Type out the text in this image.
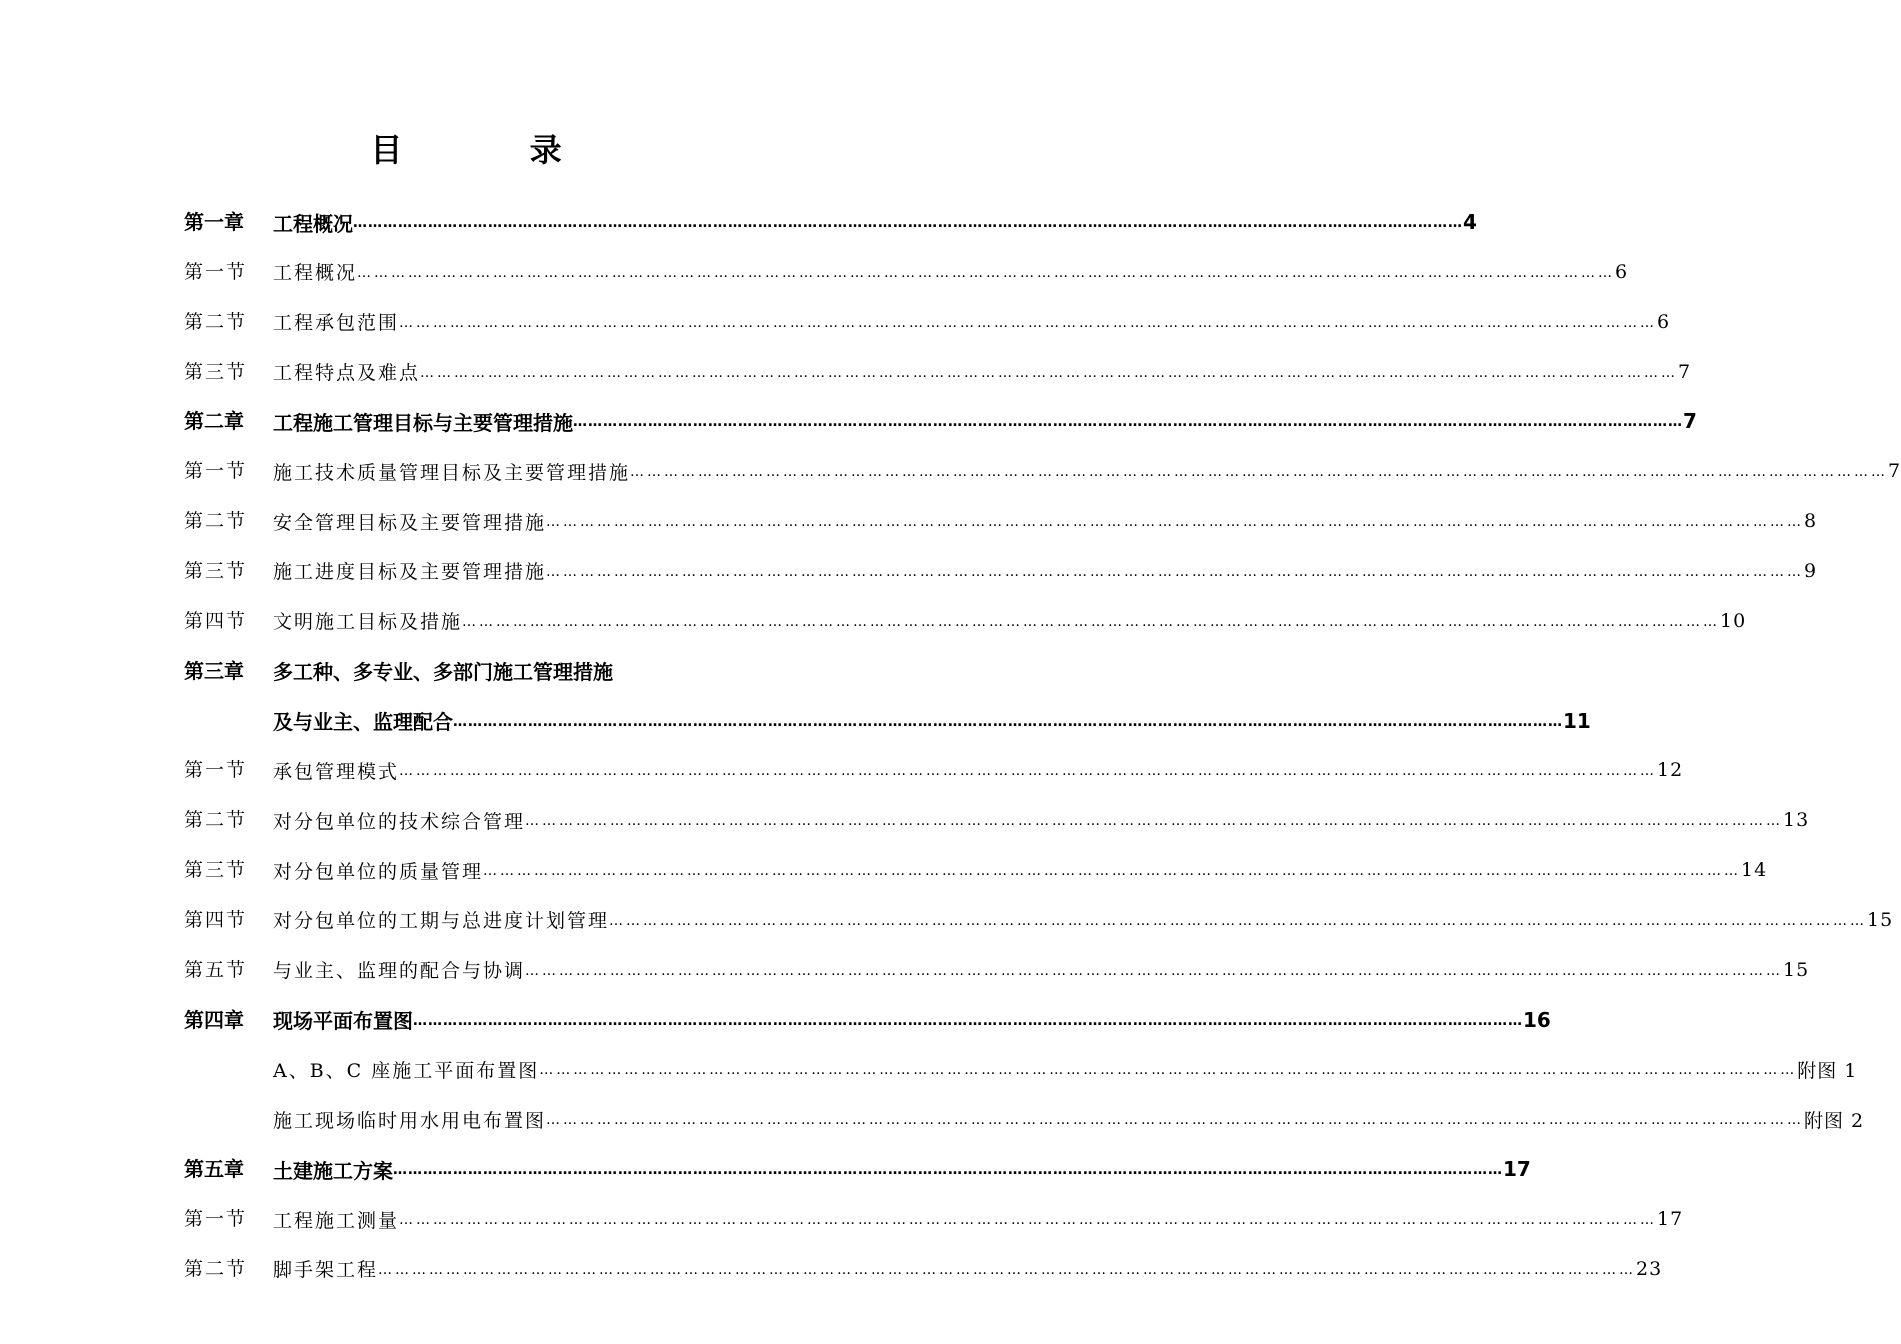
目 录
第一章 工程概况 …………………………………………………………………………………………………………………………………………………………………………………………………… 4
第一节 工程概况 …………………………………………………………………………………………………………………………………………………………………………………………………… 6
第二节 工程承包范围 …………………………………………………………………………………………………………………………………………………………………………………………………… 6
第三节 工程特点及难点 …………………………………………………………………………………………………………………………………………………………………………………………………… 7
第二章 工程施工管理目标与主要管理措施 …………………………………………………………………………………………………………………………………………………………………………………………………… 7
第一节 施工技术质量管理目标及主要管理措施 …………………………………………………………………………………………………………………………………………………………………………………………………… 7
第二节 安全管理目标及主要管理措施 …………………………………………………………………………………………………………………………………………………………………………………………………… 8
第三节 施工进度目标及主要管理措施 …………………………………………………………………………………………………………………………………………………………………………………………………… 9
第四节 文明施工目标及措施 …………………………………………………………………………………………………………………………………………………………………………………………………… 10
第三章 多工种、多专业、多部门施工管理措施
及与业主、监理配合 …………………………………………………………………………………………………………………………………………………………………………………………………… 11
第一节 承包管理模式 …………………………………………………………………………………………………………………………………………………………………………………………………… 12
第二节 对分包单位的技术综合管理 …………………………………………………………………………………………………………………………………………………………………………………………………… 13
第三节 对分包单位的质量管理 …………………………………………………………………………………………………………………………………………………………………………………………………… 14
第四节 对分包单位的工期与总进度计划管理 …………………………………………………………………………………………………………………………………………………………………………………………………… 15
第五节 与业主、监理的配合与协调 …………………………………………………………………………………………………………………………………………………………………………………………………… 15
第四章 现场平面布置图 …………………………………………………………………………………………………………………………………………………………………………………………………… 16
A、B、C 座施工平面布置图 …………………………………………………………………………………………………………………………………………………………………………………………………… 附图 1
施工现场临时用水用电布置图 …………………………………………………………………………………………………………………………………………………………………………………………………… 附图 2
第五章 土建施工方案 …………………………………………………………………………………………………………………………………………………………………………………………………… 17
第一节 工程施工测量 …………………………………………………………………………………………………………………………………………………………………………………………………… 17
第二节 脚手架工程 …………………………………………………………………………………………………………………………………………………………………………………………………… 23
